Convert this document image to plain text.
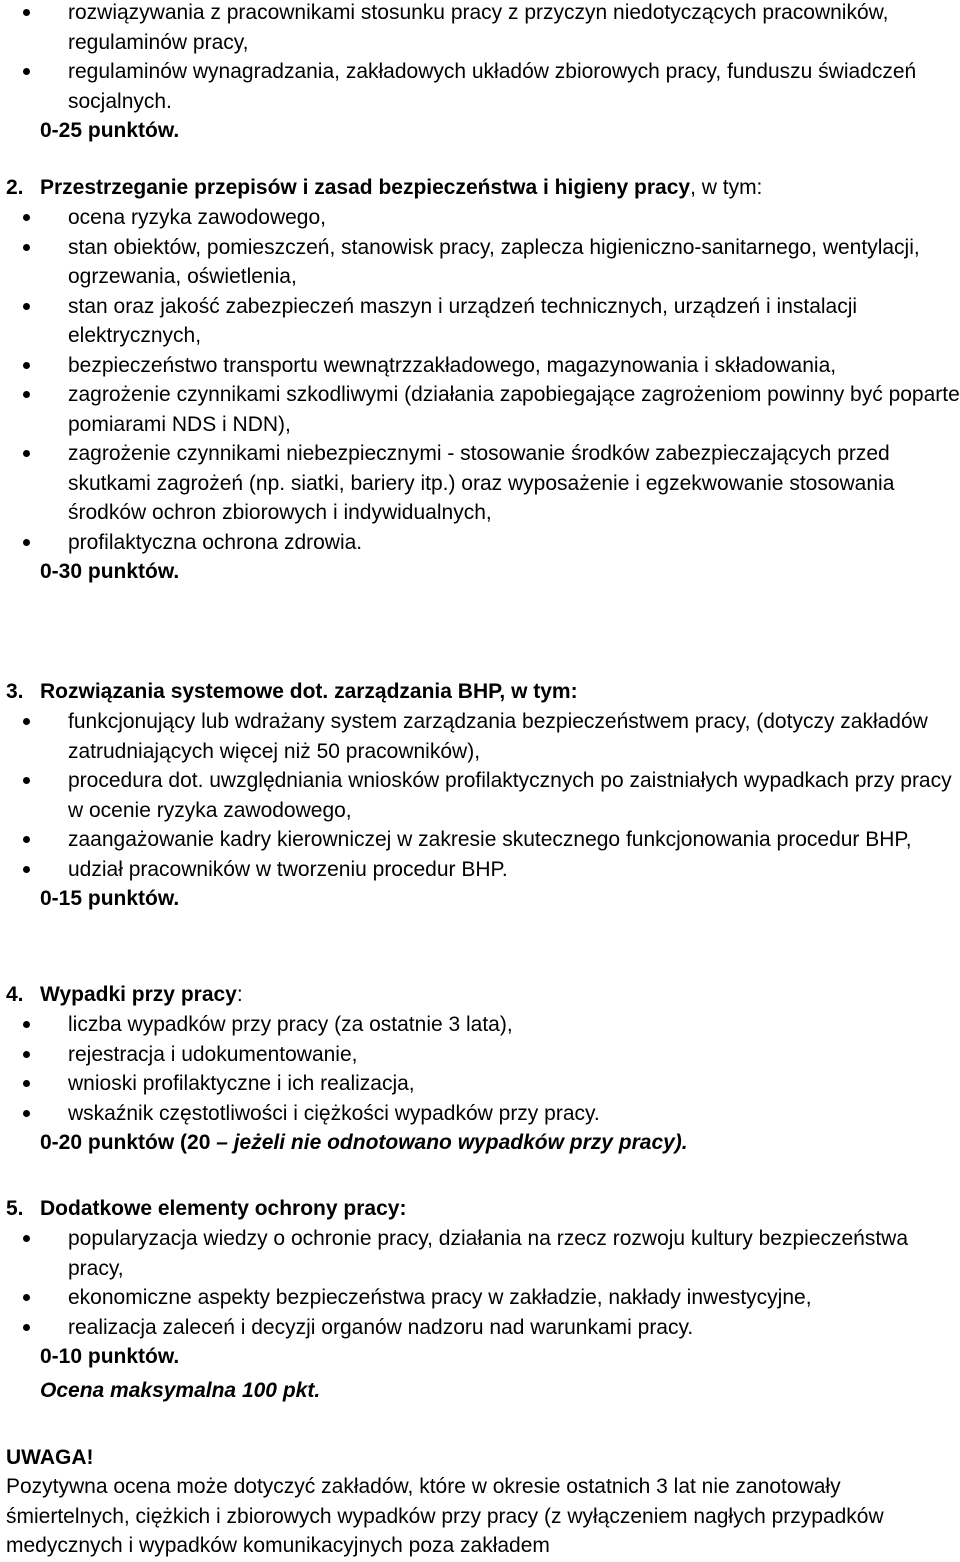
rozwiązywania z pracownikami stosunku pracy z przyczyn niedotyczących pracowników, regulaminów pracy,
regulaminów wynagradzania, zakładowych układów zbiorowych pracy, funduszu świadczeń socjalnych.
0-25 punktów.
2. Przestrzeganie przepisów i zasad bezpieczeństwa i higieny pracy, w tym:
ocena ryzyka zawodowego,
stan obiektów, pomieszczeń, stanowisk pracy, zaplecza higieniczno-sanitarnego, wentylacji, ogrzewania, oświetlenia,
stan oraz jakość zabezpieczeń maszyn i urządzeń technicznych, urządzeń i instalacji elektrycznych,
bezpieczeństwo transportu wewnątrzzakładowego, magazynowania i składowania,
zagrożenie czynnikami szkodliwymi (działania zapobiegające zagrożeniom powinny być poparte pomiarami NDS i NDN),
zagrożenie czynnikami niebezpiecznymi - stosowanie środków zabezpieczających przed skutkami zagrożeń (np. siatki, bariery itp.) oraz wyposażenie i egzekwowanie stosowania środków ochron zbiorowych i indywidualnych,
profilaktyczna ochrona zdrowia.
0-30 punktów.
3. Rozwiązania systemowe dot. zarządzania BHP, w tym:
funkcjonujący lub wdrażany system zarządzania bezpieczeństwem pracy, (dotyczy zakładów zatrudniających więcej niż 50 pracowników),
procedura dot. uwzględniania wniosków profilaktycznych po zaistniałych wypadkach przy pracy w ocenie ryzyka zawodowego,
zaangażowanie kadry kierowniczej w zakresie skutecznego funkcjonowania procedur BHP,
udział pracowników w tworzeniu procedur BHP.
0-15 punktów.
4. Wypadki przy pracy:
liczba wypadków przy pracy (za ostatnie 3 lata),
rejestracja i udokumentowanie,
wnioski profilaktyczne i ich realizacja,
wskaźnik częstotliwości i ciężkości wypadków przy pracy.
0-20 punktów (20 – jeżeli nie odnotowano wypadków przy pracy).
5. Dodatkowe elementy ochrony pracy:
popularyzacja wiedzy o ochronie pracy, działania na rzecz rozwoju kultury bezpieczeństwa pracy,
ekonomiczne aspekty bezpieczeństwa pracy w zakładzie, nakłady inwestycyjne,
realizacja zaleceń i decyzji organów nadzoru nad warunkami pracy.
0-10 punktów.
Ocena maksymalna 100 pkt.
UWAGA!
Pozytywna ocena może dotyczyć zakładów, które w okresie ostatnich 3 lat nie zanotowały śmiertelnych, ciężkich i zbiorowych wypadków przy pracy (z wyłączeniem nagłych przypadków medycznych i wypadków komunikacyjnych poza zakładem
